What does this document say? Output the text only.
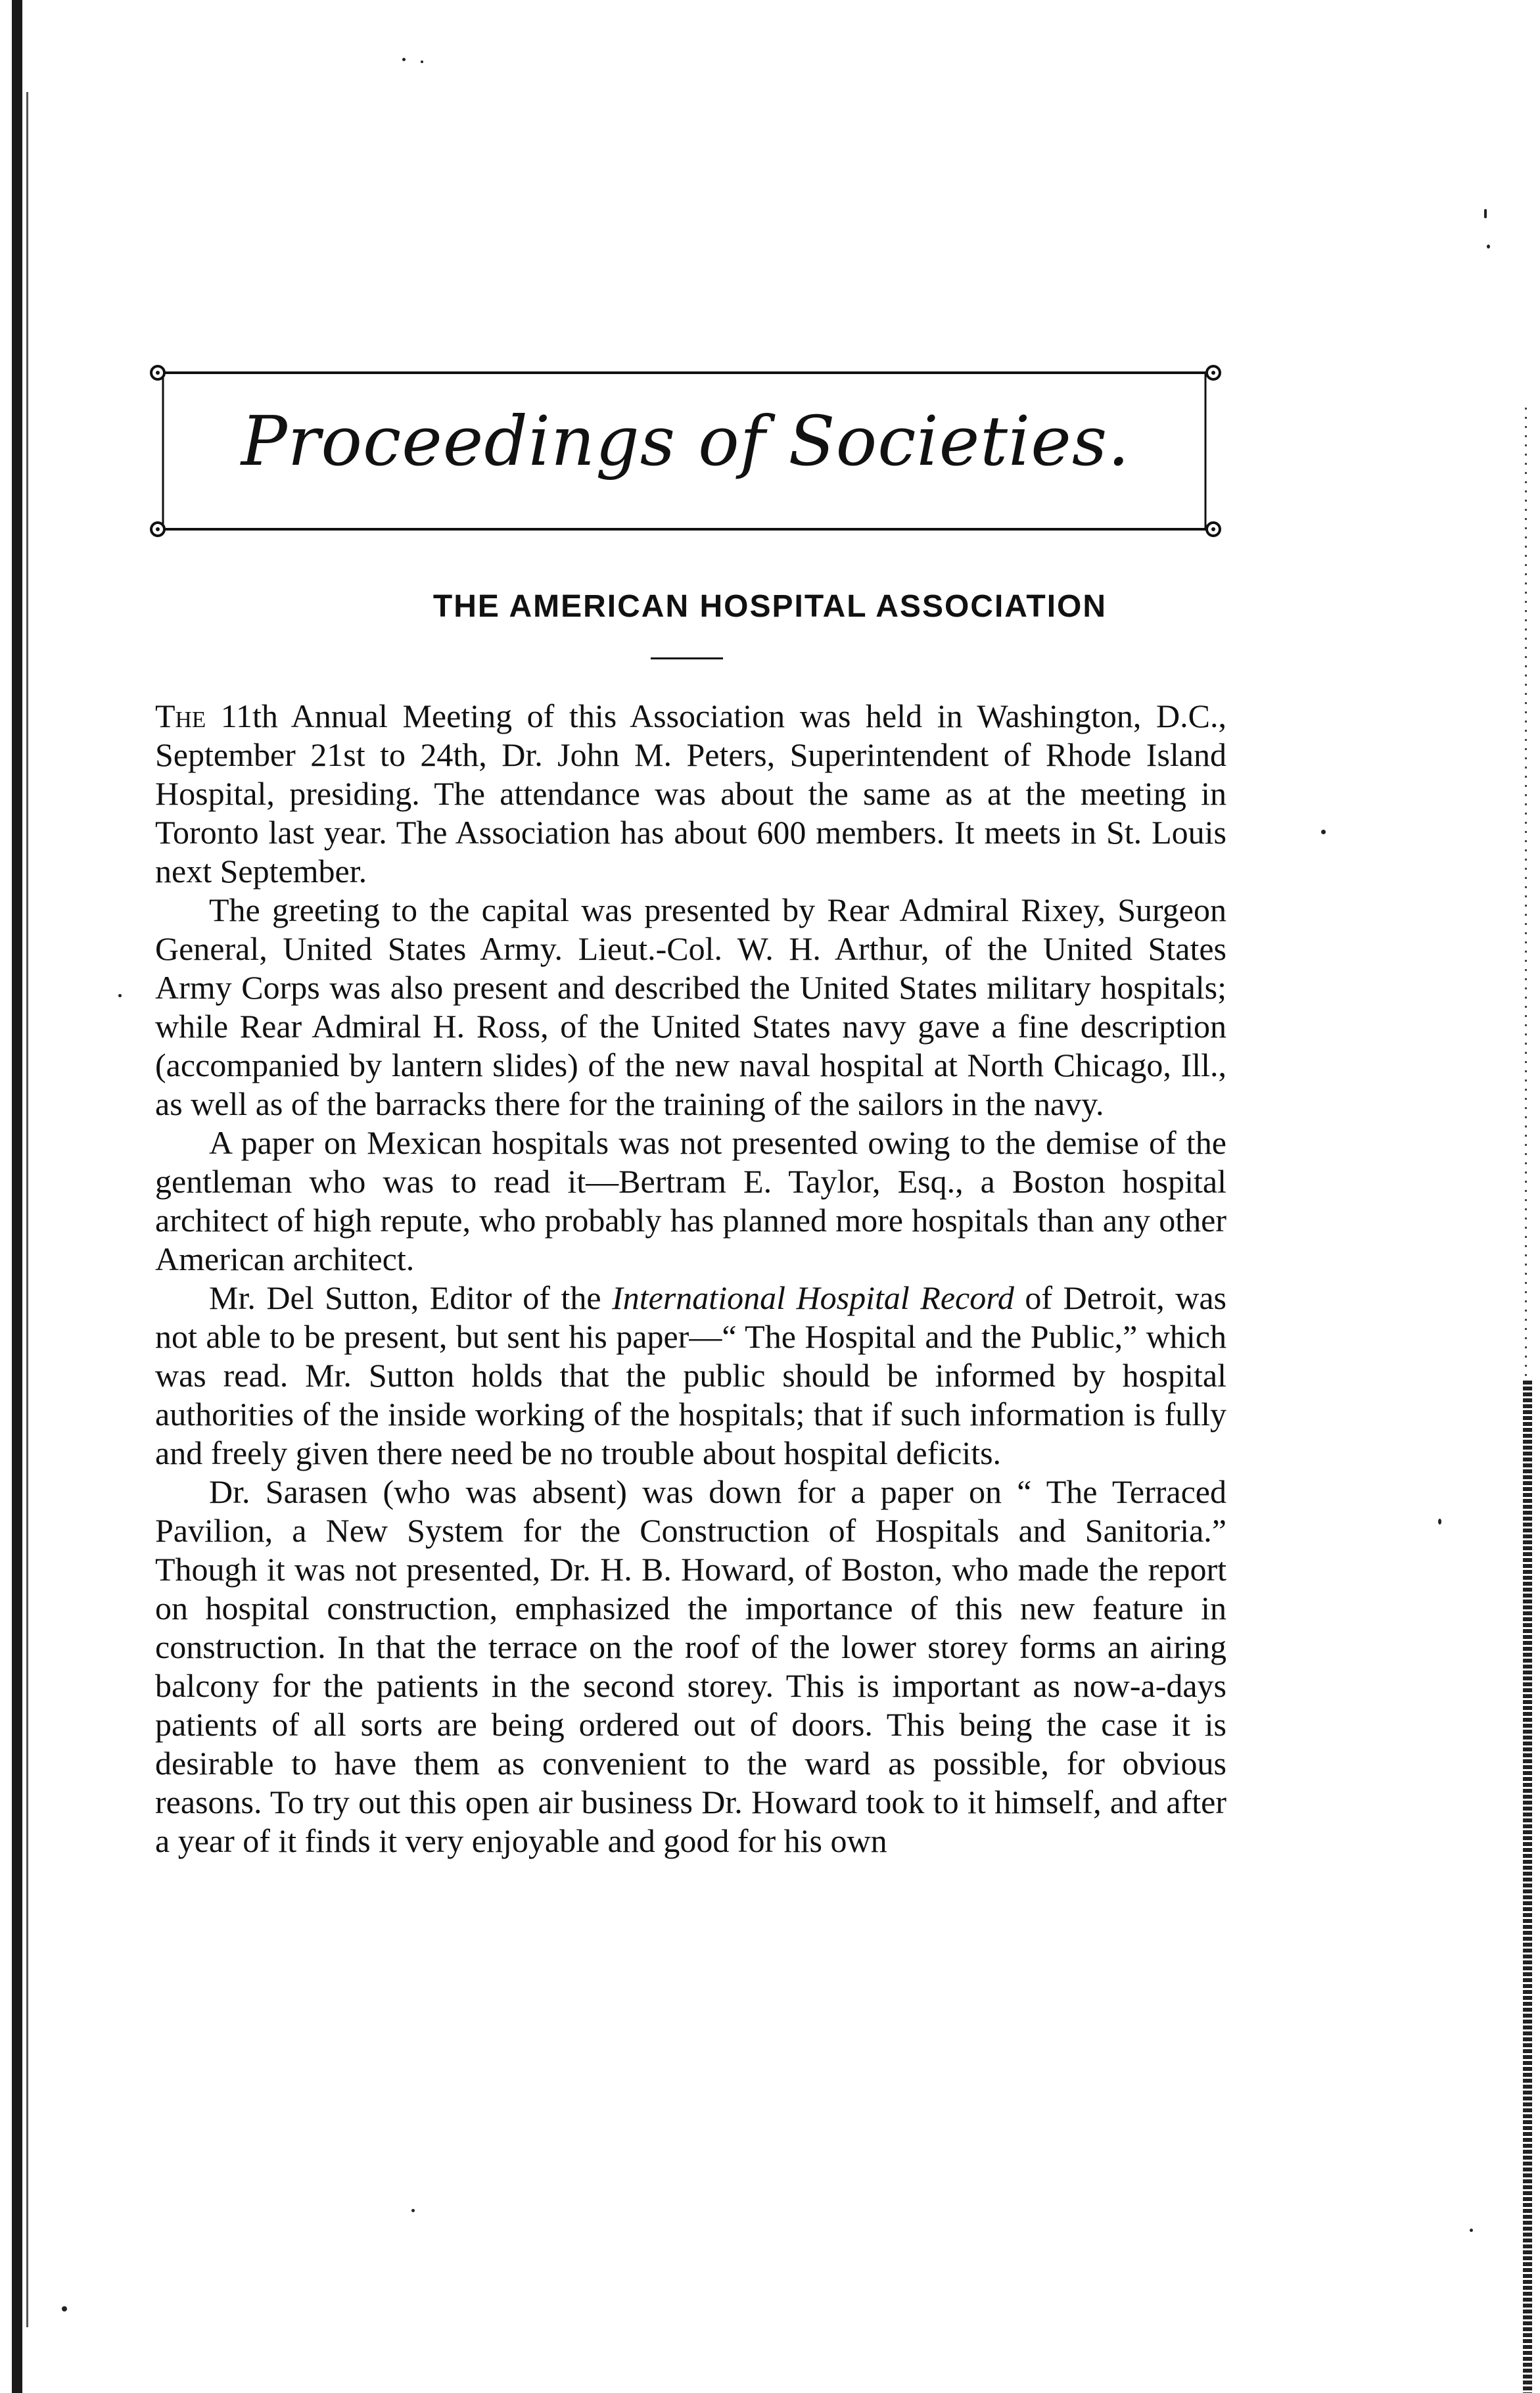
Proceedings of Societies.
THE AMERICAN HOSPITAL ASSOCIATION

The 11th Annual Meeting of this Association was held in Washington, D.C., September 21st to 24th, Dr. John M. Peters, Superintendent of Rhode Island Hospital, presiding. The attendance was about the same as at the meeting in Toronto last year. The Association has about 600 members. It meets in St. Louis next September.

The greeting to the capital was presented by Rear Admiral Rixey, Surgeon General, United States Army. Lieut.-Col. W. H. Arthur, of the United States Army Corps was also present and described the United States military hospitals; while Rear Admiral H. Ross, of the United States navy gave a fine description (accompanied by lantern slides) of the new naval hospital at North Chicago, Ill., as well as of the barracks there for the training of the sailors in the navy.

A paper on Mexican hospitals was not presented owing to the demise of the gentleman who was to read it—Bertram E. Taylor, Esq., a Boston hospital architect of high repute, who probably has planned more hospitals than any other American architect.

Mr. Del Sutton, Editor of the International Hospital Record of Detroit, was not able to be present, but sent his paper—“ The Hospital and the Public,” which was read. Mr. Sutton holds that the public should be informed by hospital authorities of the inside working of the hospitals; that if such information is fully and freely given there need be no trouble about hospital deficits.

Dr. Sarasen (who was absent) was down for a paper on “ The Terraced Pavilion, a New System for the Construction of Hospitals and Sanitoria.” Though it was not presented, Dr. H. B. Howard, of Boston, who made the report on hospital construction, emphasized the importance of this new feature in construction. In that the terrace on the roof of the lower storey forms an airing balcony for the patients in the second storey. This is important as now-a-days patients of all sorts are being ordered out of doors. This being the case it is desirable to have them as convenient to the ward as possible, for obvious reasons. To try out this open air business Dr. Howard took to it himself, and after a year of it finds it very enjoyable and good for his own
